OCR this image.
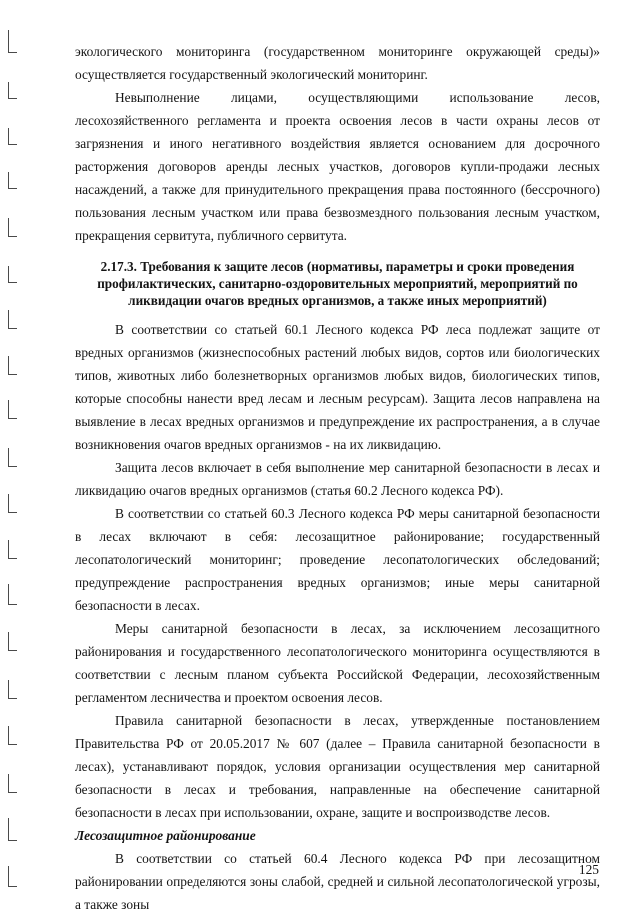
экологического мониторинга (государственном мониторинге окружающей среды)» осуществляется государственный экологический мониторинг.

Невыполнение лицами, осуществляющими использование лесов, лесохозяйственного регламента и проекта освоения лесов в части охраны лесов от загрязнения и иного негативного воздействия является основанием для досрочного расторжения договоров аренды лесных участков, договоров купли-продажи лесных насаждений, а также для принудительного прекращения права постоянного (бессрочного) пользования лесным участком или права безвозмездного пользования лесным участком, прекращения сервитута, публичного сервитута.

2.17.3. Требования к защите лесов (нормативы, параметры и сроки проведения профилактических, санитарно-оздоровительных мероприятий, мероприятий по ликвидации очагов вредных организмов, а также иных мероприятий)

В соответствии со статьей 60.1 Лесного кодекса РФ леса подлежат защите от вредных организмов (жизнеспособных растений любых видов, сортов или биологических типов, животных либо болезнетворных организмов любых видов, биологических типов, которые способны нанести вред лесам и лесным ресурсам). Защита лесов направлена на выявление в лесах вредных организмов и предупреждение их распространения, а в случае возникновения очагов вредных организмов - на их ликвидацию.

Защита лесов включает в себя выполнение мер санитарной безопасности в лесах и ликвидацию очагов вредных организмов (статья 60.2 Лесного кодекса РФ).

В соответствии со статьей 60.3 Лесного кодекса РФ меры санитарной безопасности в лесах включают в себя: лесозащитное районирование; государственный лесопатологический мониторинг; проведение лесопатологических обследований; предупреждение распространения вредных организмов; иные меры санитарной безопасности в лесах.

Меры санитарной безопасности в лесах, за исключением лесозащитного районирования и государственного лесопатологического мониторинга осуществляются в соответствии с лесным планом субъекта Российской Федерации, лесохозяйственным регламентом лесничества и проектом освоения лесов.

Правила санитарной безопасности в лесах, утвержденные постановлением Правительства РФ от 20.05.2017 № 607 (далее – Правила санитарной безопасности в лесах), устанавливают порядок, условия организации осуществления мер санитарной безопасности в лесах и требования, направленные на обеспечение санитарной безопасности в лесах при использовании, охране, защите и воспроизводстве лесов.

Лесозащитное районирование

В соответствии со статьей 60.4 Лесного кодекса РФ при лесозащитном районировании определяются зоны слабой, средней и сильной лесопатологической угрозы, а также зоны

125
